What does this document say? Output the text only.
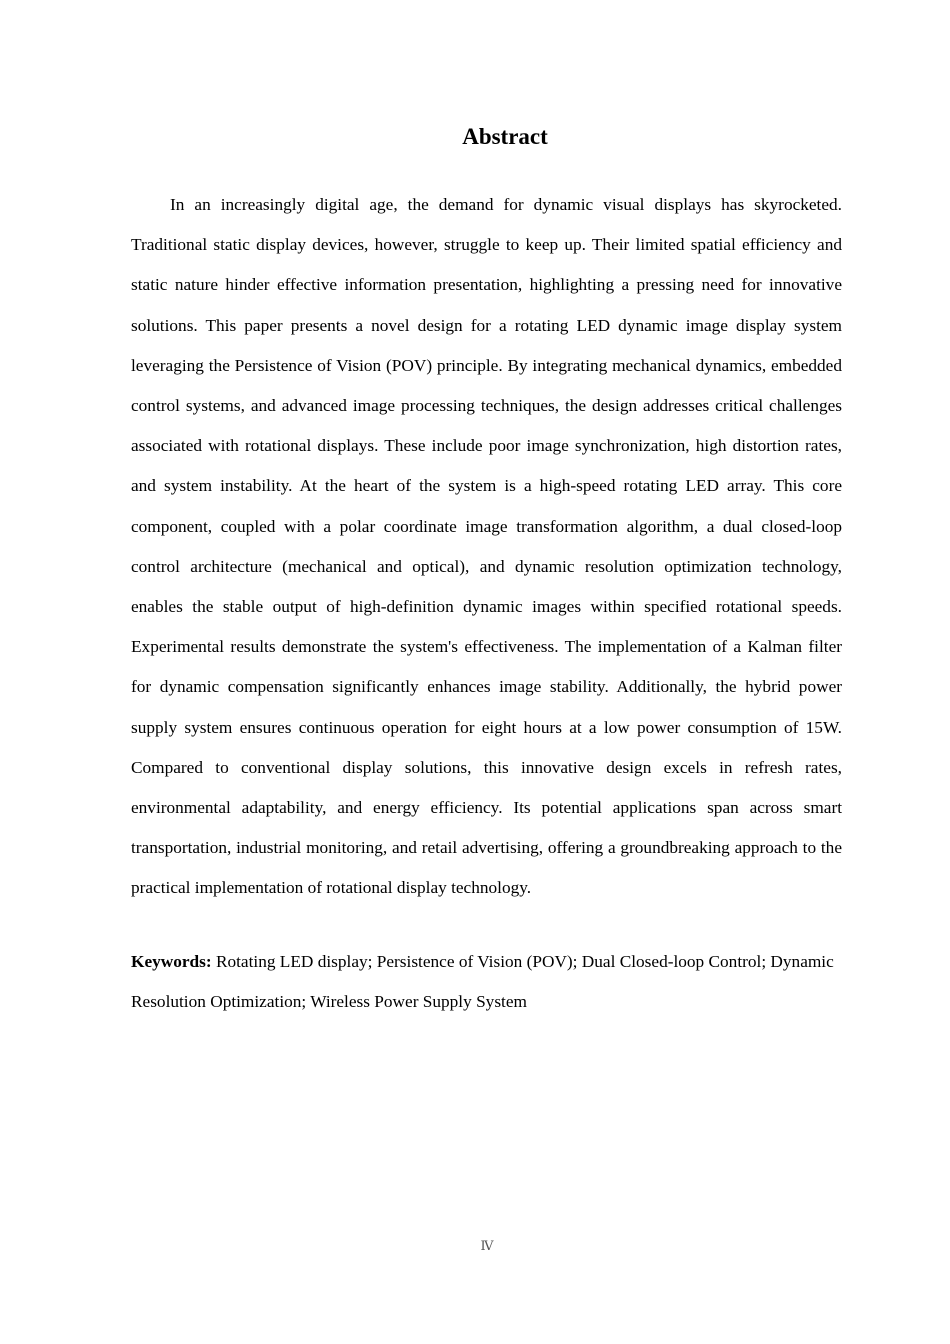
Abstract

In an increasingly digital age, the demand for dynamic visual displays has skyrocketed. Traditional static display devices, however, struggle to keep up. Their limited spatial efficiency and static nature hinder effective information presentation, highlighting a pressing need for innovative solutions. This paper presents a novel design for a rotating LED dynamic image display system leveraging the Persistence of Vision (POV) principle. By integrating mechanical dynamics, embedded control systems, and advanced image processing techniques, the design addresses critical challenges associated with rotational displays. These include poor image synchronization, high distortion rates, and system instability. At the heart of the system is a high-speed rotating LED array. This core component, coupled with a polar coordinate image transformation algorithm, a dual closed-loop control architecture (mechanical and optical), and dynamic resolution optimization technology, enables the stable output of high-definition dynamic images within specified rotational speeds. Experimental results demonstrate the system's effectiveness. The implementation of a Kalman filter for dynamic compensation significantly enhances image stability. Additionally, the hybrid power supply system ensures continuous operation for eight hours at a low power consumption of 15W. Compared to conventional display solutions, this innovative design excels in refresh rates, environmental adaptability, and energy efficiency. Its potential applications span across smart transportation, industrial monitoring, and retail advertising, offering a groundbreaking approach to the practical implementation of rotational display technology.

Keywords: Rotating LED display; Persistence of Vision (POV); Dual Closed-loop Control; Dynamic Resolution Optimization; Wireless Power Supply System

Ⅳ
